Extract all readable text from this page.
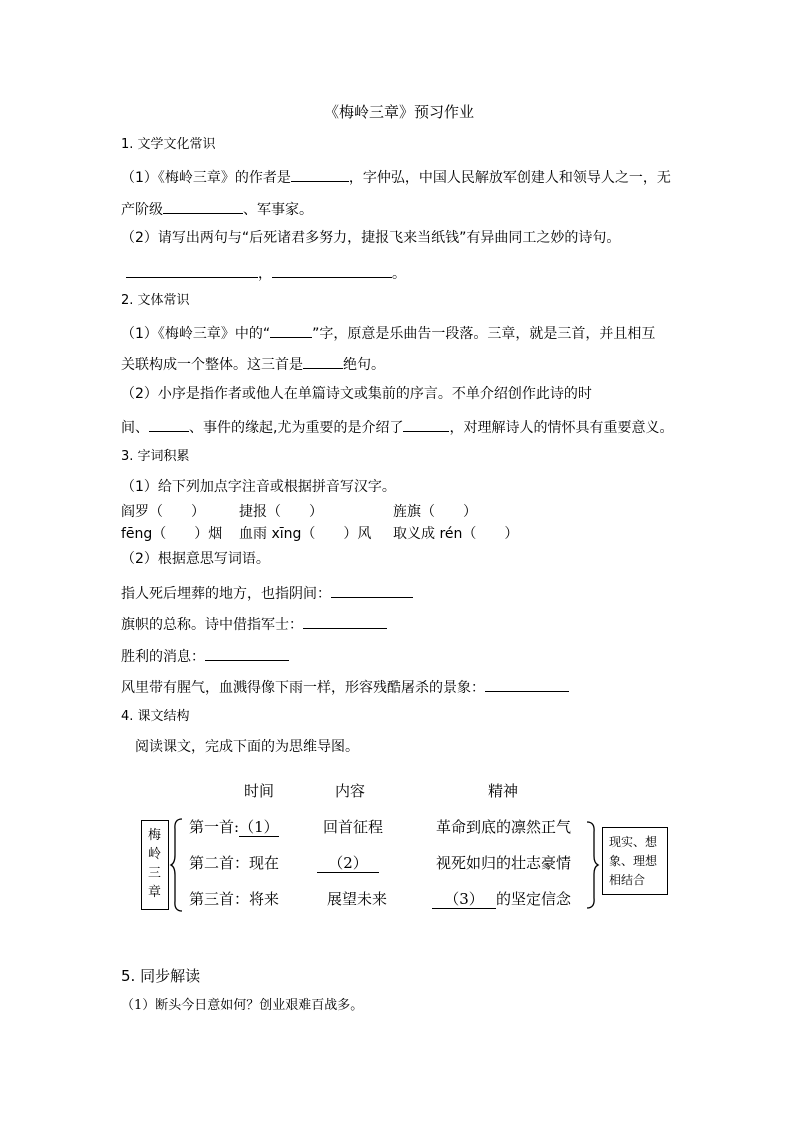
《梅岭三章》预习作业
1. 文学文化常识
（1）《梅岭三章》的作者是	，字仲弘，中国人民解放军创建人和领导人之一，无
产阶级	、军事家。
（2）请写出两句与“后死诸君多努力，捷报飞来当纸钱”有异曲同工之妙的诗句。
，	。
2. 文体常识
（1）《梅岭三章》中的“	”字，原意是乐曲告一段落。三章，就是三首，并且相互
关联构成一个整体。这三首是	绝句。
（2）小序是指作者或他人在单篇诗文或集前的序言。不单介绍创作此诗的时
间、	、事件的缘起,尤为重要的是介绍了	，对理解诗人的情怀具有重要意义。
3. 字词积累
（1）给下列加点字注音或根据拼音写汉字。
阎罗（　　） 捷报（　　）	旌旗（　　）
fēng（　　）烟 血雨 xīng（　　）风 取义成 rén（　　）
（2）根据意思写词语。
指人死后埋葬的地方，也指阴间：
旗帜的总称。诗中借指军士：
胜利的消息：
风里带有腥气，血溅得像下雨一样，形容残酷屠杀的景象：
4. 课文结构
阅读课文，完成下面的为思维导图。
时间	内容	精神
梅
岭
三
章
第一首:（1）	回首征程	革命到底的凛然正气
第二首：现在	（2）	视死如归的壮志豪情
第三首：将来	展望未来	（3） 的坚定信念
现实、想
象、理想
相结合
5. 同步解读
（1）断头今日意如何？创业艰难百战多。
